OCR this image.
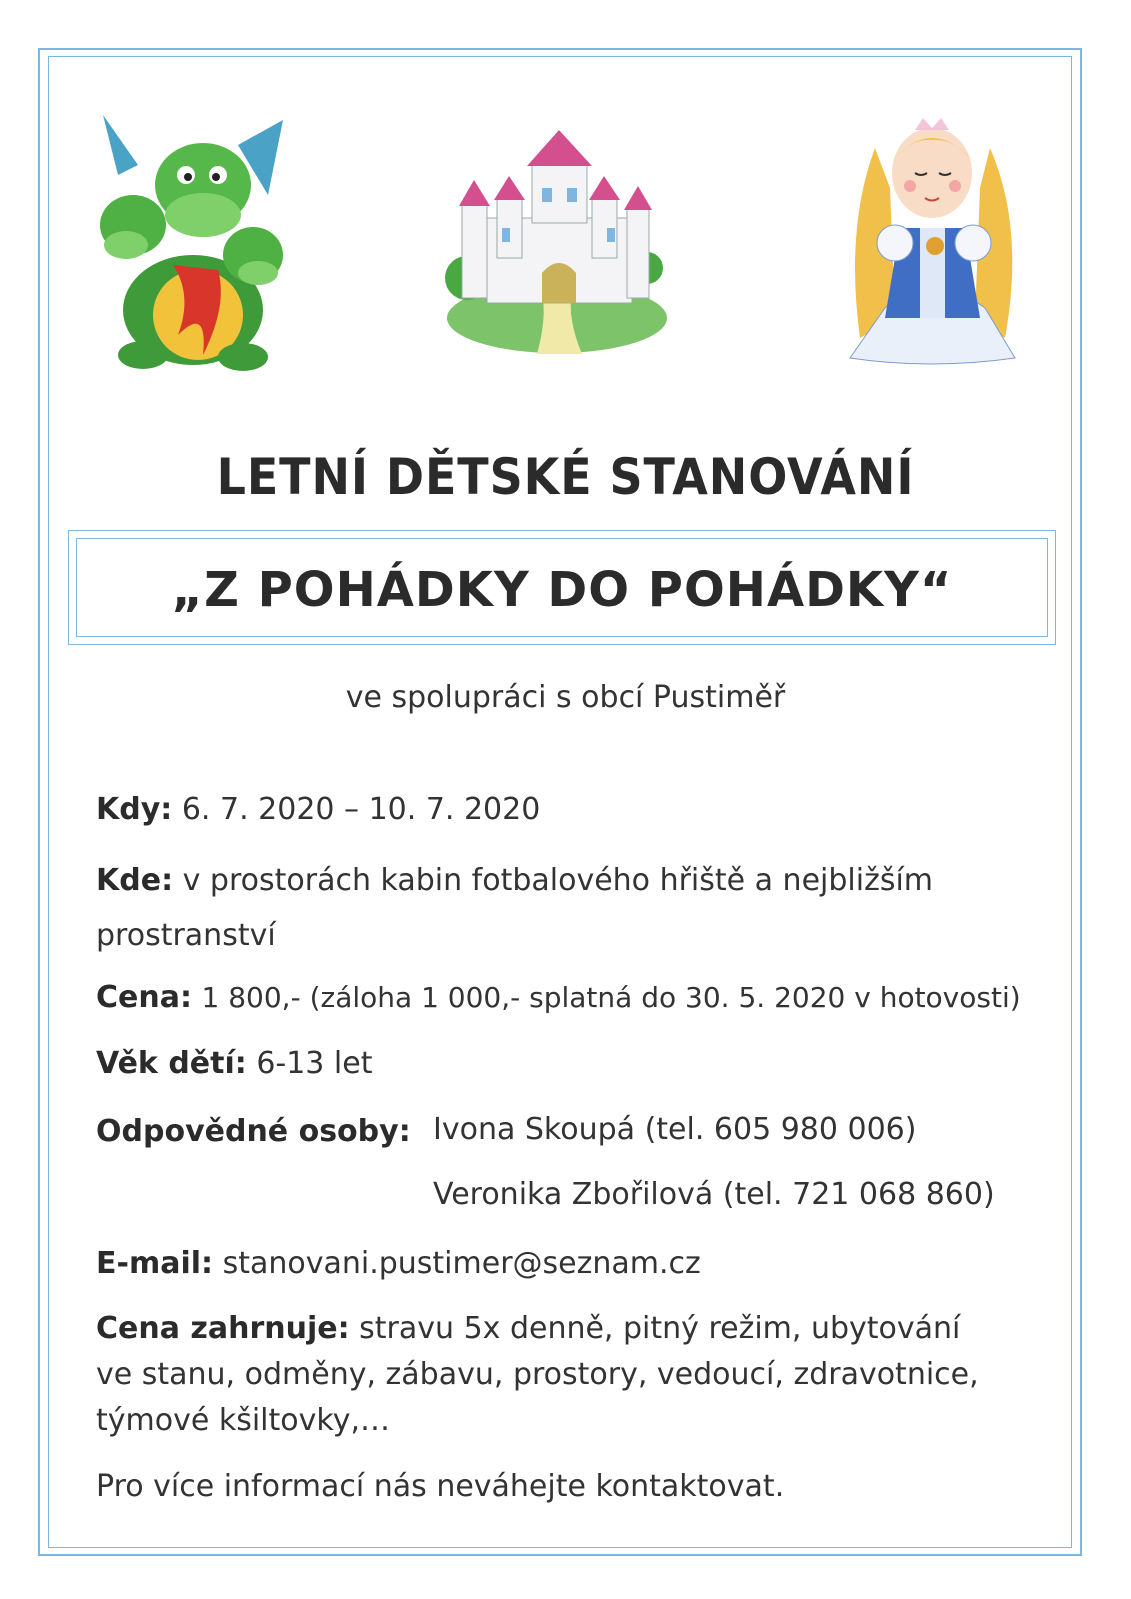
LETNÍ DĚTSKÉ STANOVÁNÍ
„Z POHÁDKY DO POHÁDKY“
ve spolupráci s obcí Pustiměř
Kdy: 6. 7. 2020 – 10. 7. 2020
Kde: v prostorách kabin fotbalového hřiště a nejbližším prostranství
Cena: 1 800,- (záloha 1 000,- splatná do 30. 5. 2020 v hotovosti)
Věk dětí: 6-13 let
Odpovědné osoby: Ivona Skoupá (tel. 605 980 006)
Veronika Zbořilová (tel. 721 068 860)
E-mail: stanovani.pustimer@seznam.cz
Cena zahrnuje: stravu 5x denně, pitný režim, ubytování ve stanu, odměny, zábavu, prostory, vedoucí, zdravotnice, týmové kšiltovky,…
Pro více informací nás neváhejte kontaktovat.
